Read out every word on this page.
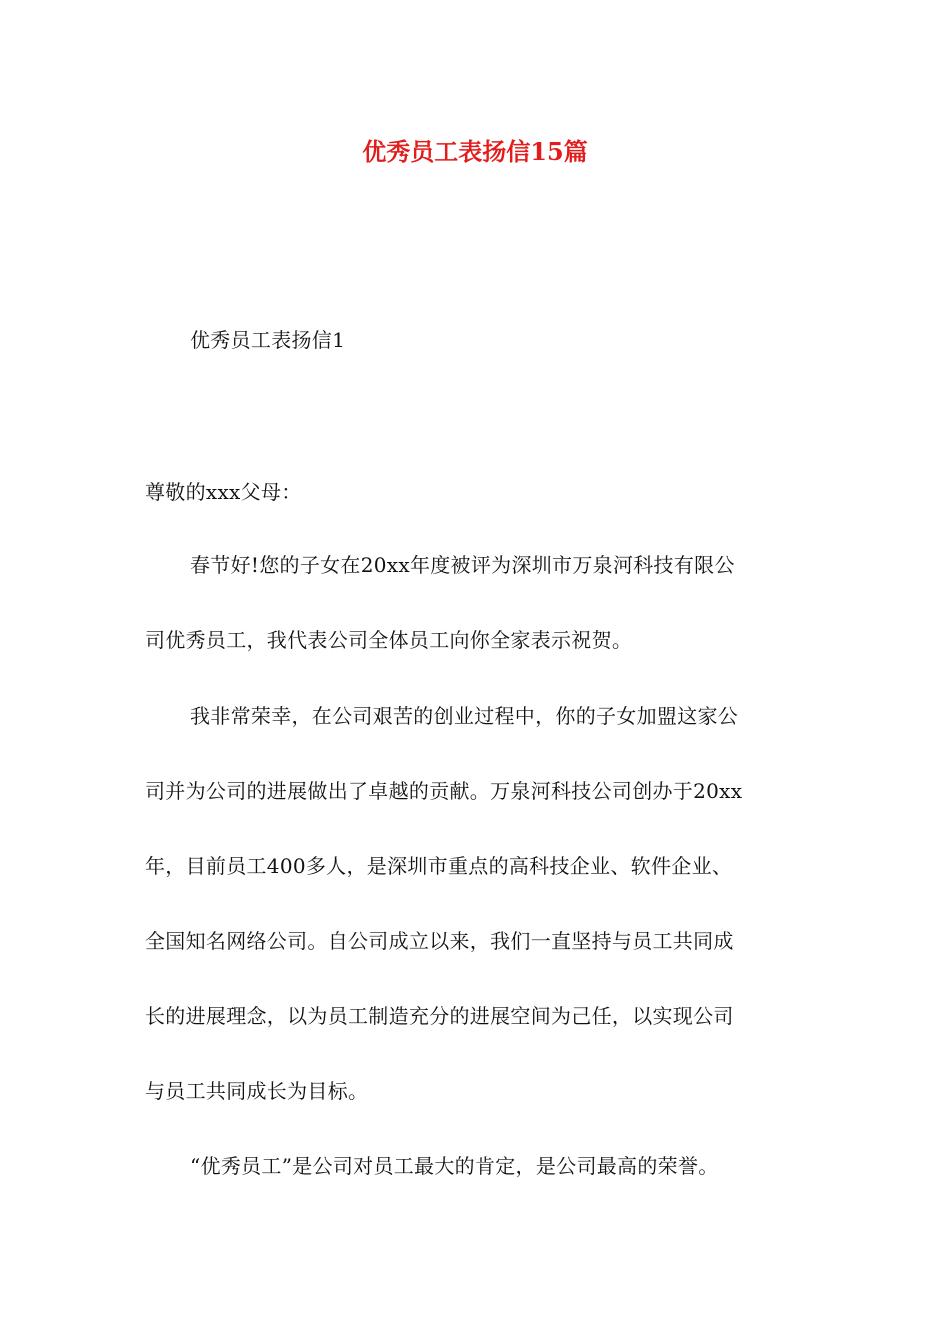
优秀员工表扬信15篇
优秀员工表扬信1
尊敬的xxx父母：
春节好!您的子女在20xx年度被评为深圳市万泉河科技有限公
司优秀员工，我代表公司全体员工向你全家表示祝贺。
我非常荣幸，在公司艰苦的创业过程中，你的子女加盟这家公
司并为公司的进展做出了卓越的贡献。万泉河科技公司创办于20xx
年，目前员工400多人，是深圳市重点的高科技企业、软件企业、
全国知名网络公司。自公司成立以来，我们一直坚持与员工共同成
长的进展理念，以为员工制造充分的进展空间为己任，以实现公司
与员工共同成长为目标。
“优秀员工”是公司对员工最大的肯定，是公司最高的荣誉。
